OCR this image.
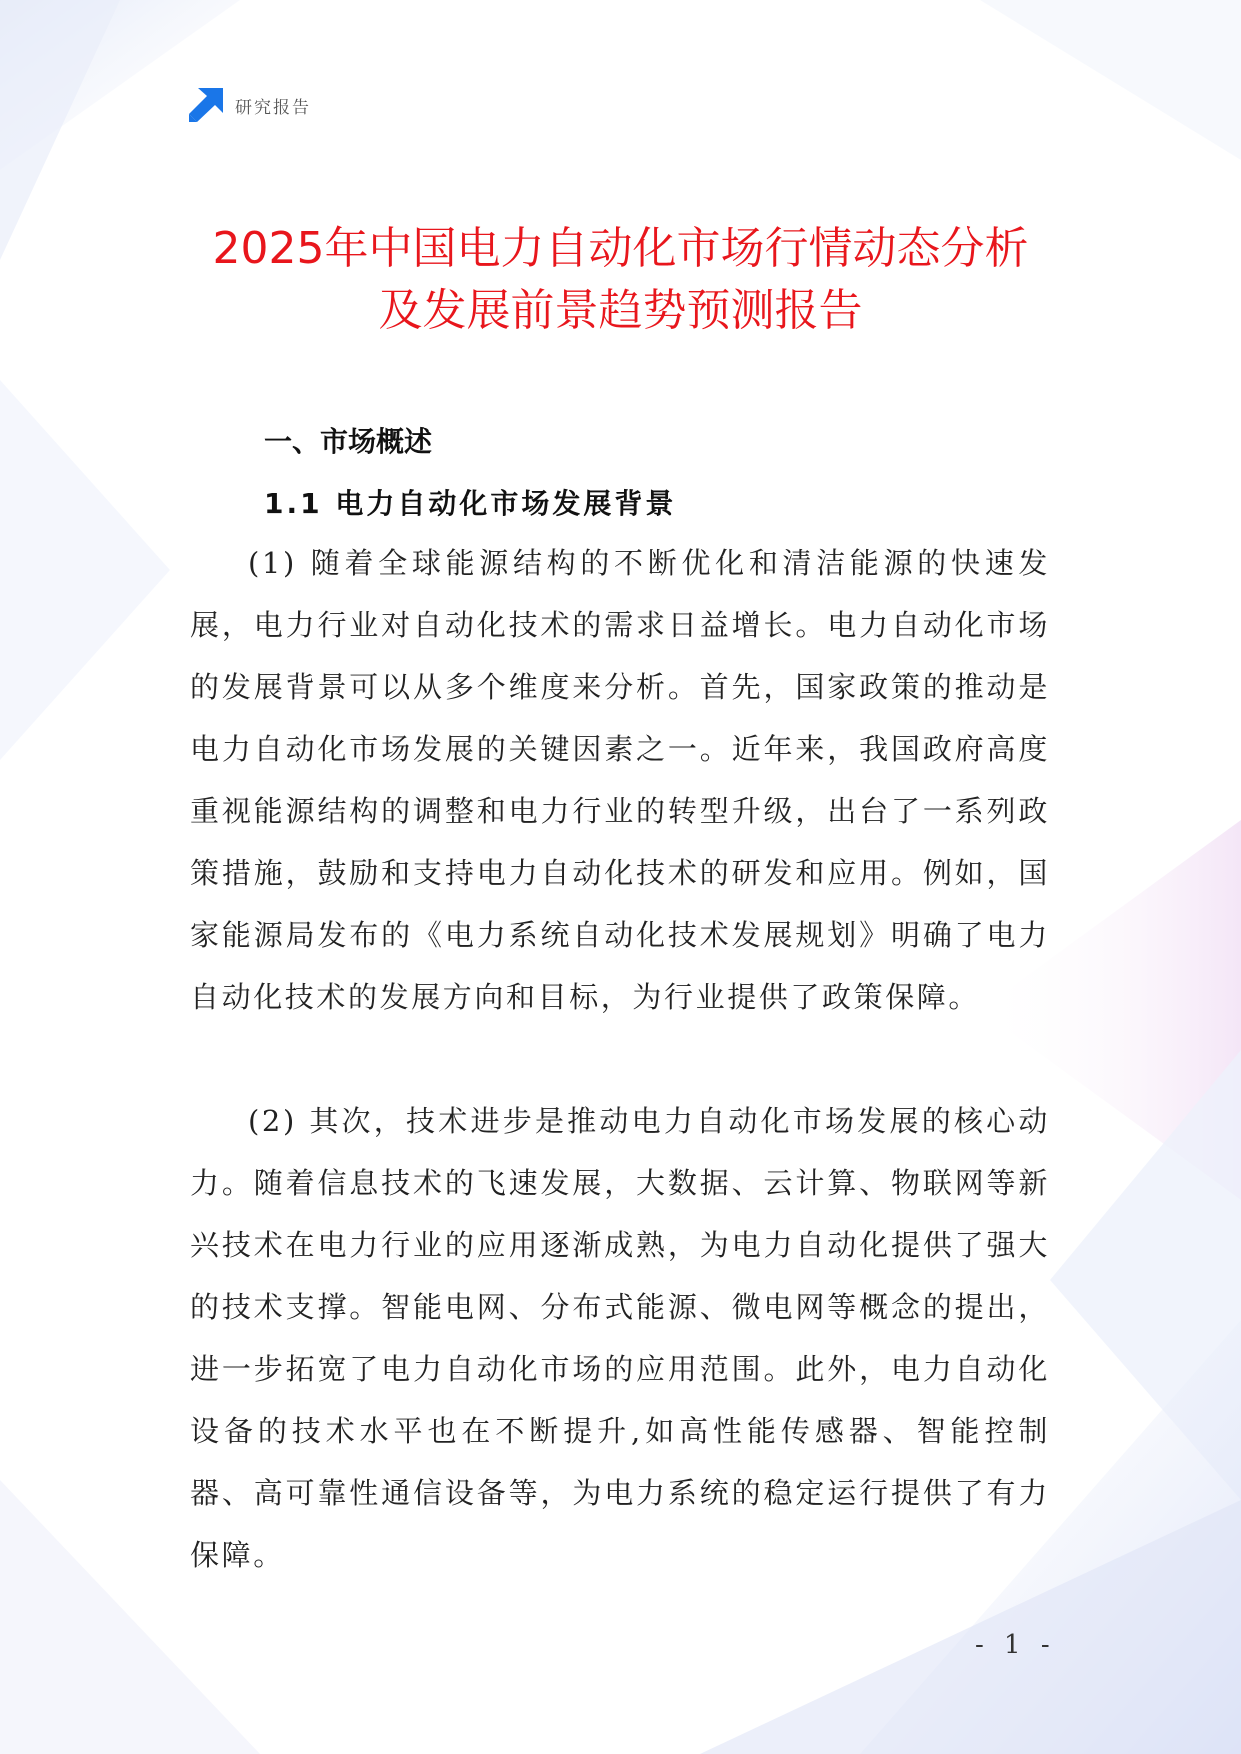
研究报告
2025年中国电力自动化市场行情动态分析
及发展前景趋势预测报告
一、市场概述
1.1 电力自动化市场发展背景

(1) 随着全球能源结构的不断优化和清洁能源的快速发展，电力行业对自动化技术的需求日益增长。电力自动化市场的发展背景可以从多个维度来分析。首先，国家政策的推动是电力自动化市场发展的关键因素之一。近年来，我国政府高度重视能源结构的调整和电力行业的转型升级，出台了一系列政策措施，鼓励和支持电力自动化技术的研发和应用。例如，国家能源局发布的《电力系统自动化技术发展规划》明确了电力自动化技术的发展方向和目标，为行业提供了政策保障。

(2) 其次，技术进步是推动电力自动化市场发展的核心动力。随着信息技术的飞速发展，大数据、云计算、物联网等新兴技术在电力行业的应用逐渐成熟，为电力自动化提供了强大的技术支撑。智能电网、分布式能源、微电网等概念的提出，进一步拓宽了电力自动化市场的应用范围。此外，电力自动化设备的技术水平也在不断提升,如高性能传感器、智能控制器、高可靠性通信设备等，为电力系统的稳定运行提供了有力保障。

- 1 -
